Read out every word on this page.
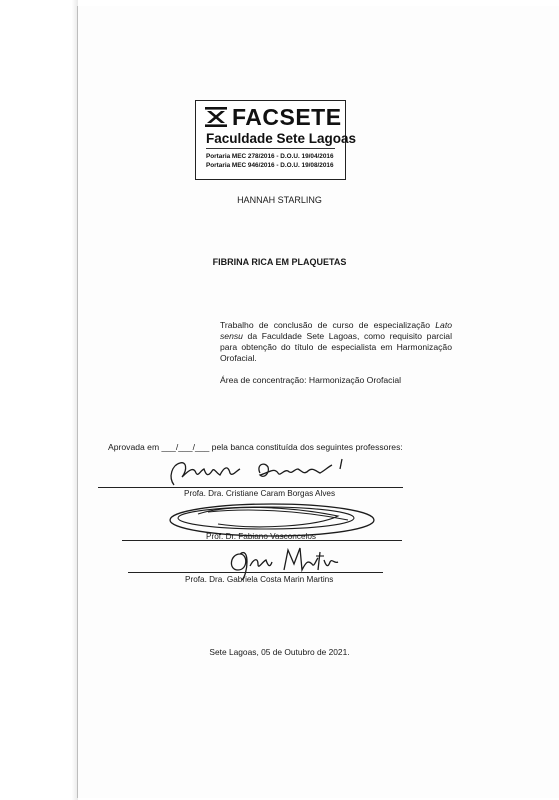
FACSETE
Faculdade Sete Lagoas
Portaria MEC 278/2016 - D.O.U. 19/04/2016
Portaria MEC 946/2016 - D.O.U. 19/08/2016
HANNAH STARLING
FIBRINA RICA EM PLAQUETAS
Trabalho de conclusão de curso de especialização Lato sensu da Faculdade Sete Lagoas, como requisito parcial para obtenção do título de especialista em Harmonização Orofacial.
Área de concentração: Harmonização Orofacial
Aprovada em ___/___/___ pela banca constituída dos seguintes professores:
Profa. Dra. Cristiane Caram Borgas Alves
Prof. Dr. Fabiano Vasconcelos
Profa. Dra. Gabriela Costa Marin Martins
Sete Lagoas, 05 de Outubro de 2021.
